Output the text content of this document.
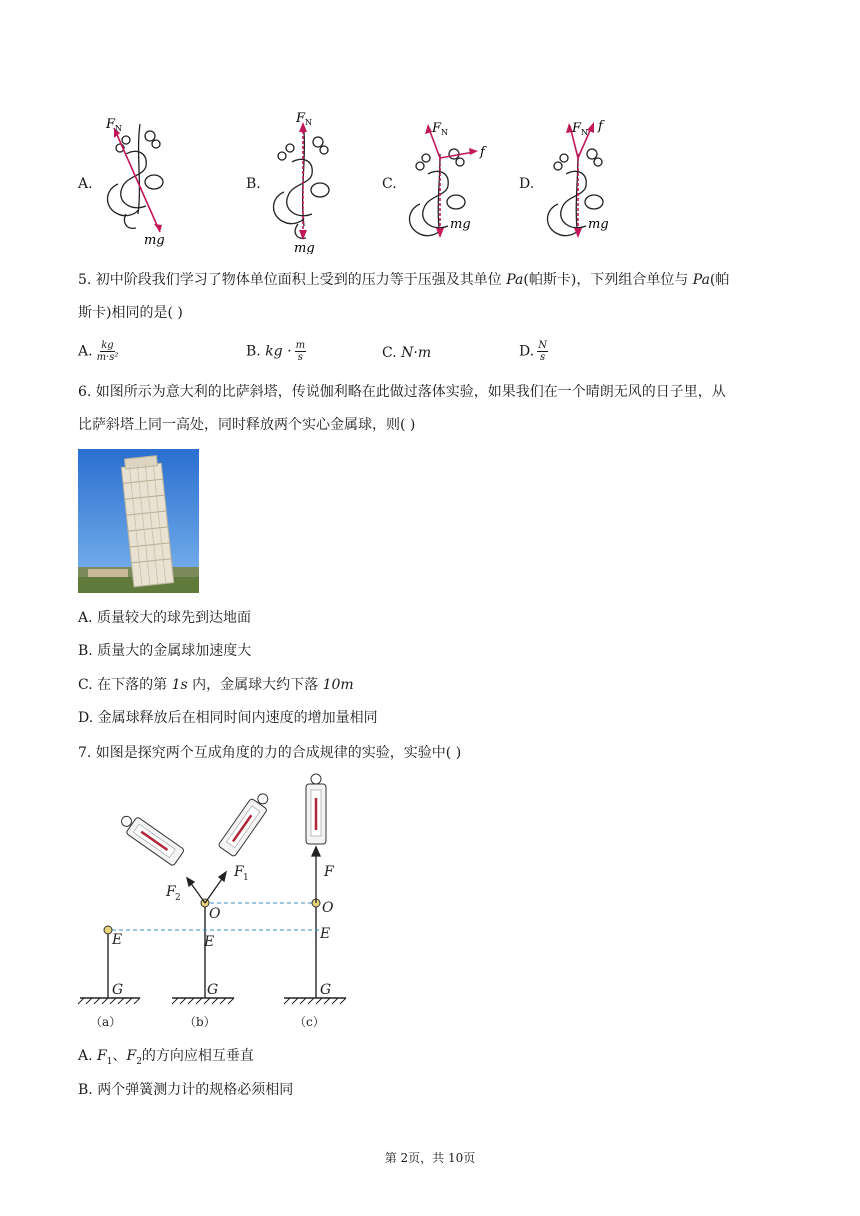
A.	B.	C.	D.
F N
mg
F N
mg
F N
f
mg
F N f
mg
5. 初中阶段我们学习了物体单位面积上受到的压力等于压强及其单位 Pa(帕斯卡)，下列组合单位与 Pa(帕
斯卡)相同的是( )
A. $\frac{kg}{\text{m·s²}}$	B. kg · $\frac{m}{s}$	C. N·m	D. $\frac{N}{s}$
6. 如图所示为意大利的比萨斜塔，传说伽利略在此做过落体实验，如果我们在一个晴朗无风的日子里，从
比萨斜塔上同一高处，同时释放两个实心金属球，则( )
A. 质量较大的球先到达地面
B. 质量大的金属球加速度大
C. 在下落的第 1s 内，金属球大约下落 10m
D. 金属球释放后在相同时间内速度的增加量相同
7. 如图是探究两个互成角度的力的合成规律的实验，实验中( )
E
G
O
E
G
O
E
G
F
F
F
1
2
（a）	（b）	（c）
A. $F_1$、$F_2$的方向应相互垂直
B. 两个弹簧测力计的规格必须相同
第 2页，共 10页
